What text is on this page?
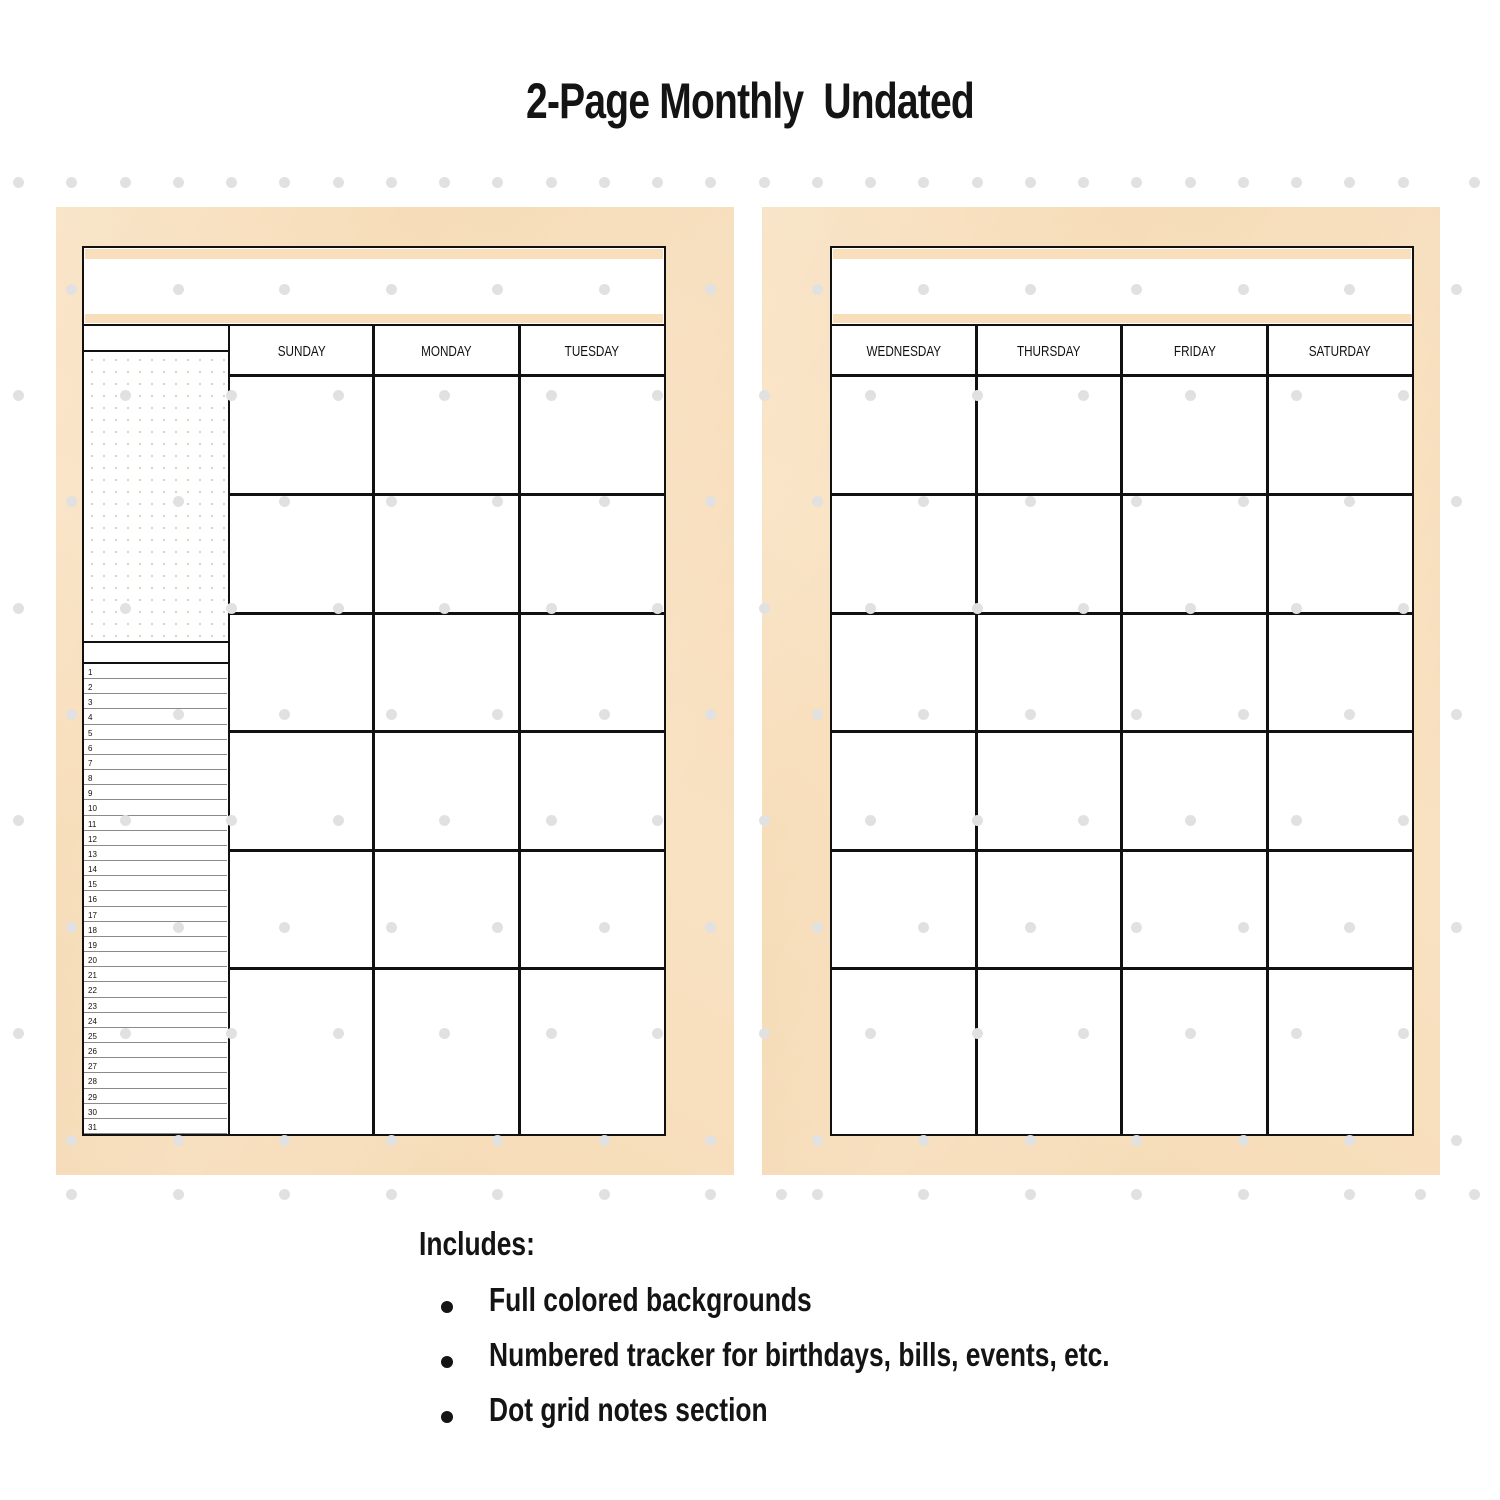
2-Page Monthly  Undated
1
2
3
4
5
6
7
8
9
10
11
12
13
14
15
16
17
18
19
20
21
22
23
24
25
26
27
28
29
30
31
SUNDAY	MONDAY	TUESDAY	WEDNESDAY	THURSDAY	FRIDAY	SATURDAY
Includes:
Full colored backgrounds
Numbered tracker for birthdays, bills, events, etc.
Dot grid notes section
